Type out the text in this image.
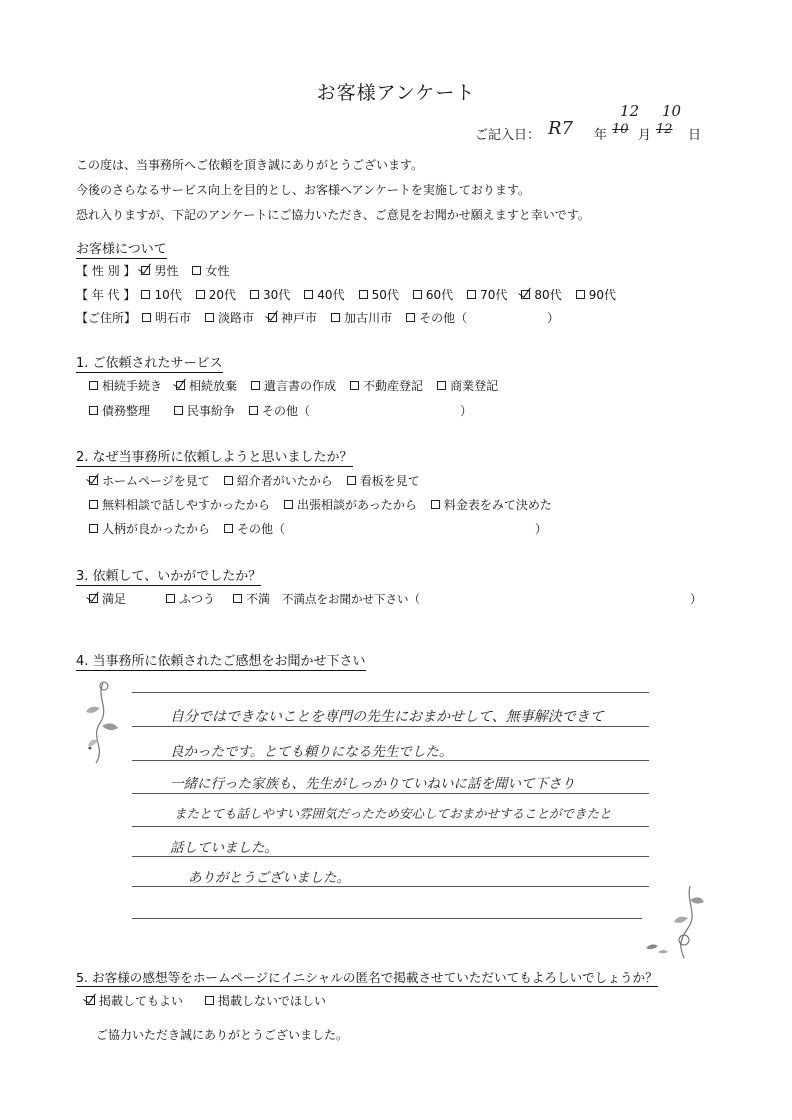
お客様アンケート
ご記入日： R7 年 10
12
月 12
10
日
この度は、当事務所へご依頼を頂き誠にありがとうございます。
今後のさらなるサービス向上を目的とし、お客様へアンケートを実施しております。
恐れ入りますが、下記のアンケートにご協力いただき、ご意見をお聞かせ願えますと幸いです。
お客様について
【 性 別 】 男性 女性
【 年 代 】 10代 20代 30代 40代 50代 60代 70代 80代 90代
【ご住所】 明石市 淡路市 神戸市 加古川市 その他（	）
1. ご依頼されたサービス
相続手続き 相続放棄 遺言書の作成 不動産登記 商業登記
債務整理	民事紛争 その他（	）
2. なぜ当事務所に依頼しようと思いましたか？
ホームページを見て 紹介者がいたから 看板を見て
無料相談で話しやすかったから 出張相談があったから 料金表をみて決めた
人柄が良かったから その他（	）
3. 依頼して、いかがでしたか？
満足	ふつう	不満 不満点をお聞かせ下さい（	）
4. 当事務所に依頼されたご感想をお聞かせ下さい
自分ではできないことを専門の先生におまかせして、無事解決できて
良かったです。とても頼りになる先生でした。
一緒に行った家族も、先生がしっかりていねいに話を聞いて下さり
またとても話しやすい雰囲気だったため安心しておまかせすることができたと
話していました。
ありがとうございました。
5. お客様の感想等をホームページにイニシャルの匿名で掲載させていただいてもよろしいでしょうか？
掲載してもよい	掲載しないでほしい
ご協力いただき誠にありがとうございました。
